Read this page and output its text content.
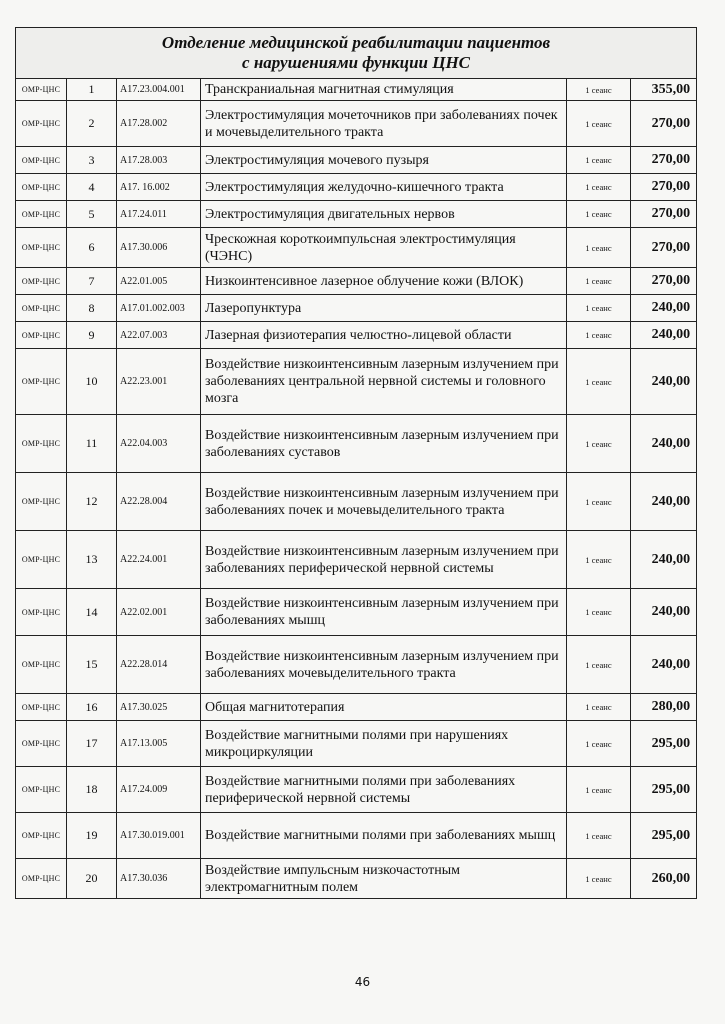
Отделение медицинской реабилитации пациентов
с нарушениями функции ЦНС					

ОМР-ЦНС	1	А17.23.004.001	Транскраниальная магнитная стимуляция	1 сеанс	355,00
ОМР-ЦНС	2	А17.28.002	Электростимуляция мочеточников при заболеваниях почек и мочевыделительного тракта	1 сеанс	270,00
ОМР-ЦНС	3	А17.28.003	Электростимуляция мочевого пузыря	1 сеанс	270,00
ОМР-ЦНС	4	А17. 16.002	Электростимуляция желудочно-кишечного тракта	1 сеанс	270,00
ОМР-ЦНС	5	А17.24.011	Электростимуляция двигательных нервов	1 сеанс	270,00
ОМР-ЦНС	6	А17.30.006	Чрескожная короткоимпульсная электростимуляция (ЧЭНС)	1 сеанс	270,00
ОМР-ЦНС	7	А22.01.005	Низкоинтенсивное лазерное облучение кожи (ВЛОК)	1 сеанс	270,00
ОМР-ЦНС	8	А17.01.002.003	Лазеропунктура	1 сеанс	240,00
ОМР-ЦНС	9	А22.07.003	Лазерная физиотерапия челюстно-лицевой области	1 сеанс	240,00
ОМР-ЦНС	10	А22.23.001	Воздействие низкоинтенсивным лазерным излучением при заболеваниях центральной нервной системы и головного мозга	1 сеанс	240,00
ОМР-ЦНС	11	А22.04.003	Воздействие низкоинтенсивным лазерным излучением при заболеваниях суставов	1 сеанс	240,00
ОМР-ЦНС	12	А22.28.004	Воздействие низкоинтенсивным лазерным излучением при заболеваниях почек и мочевыделительного тракта	1 сеанс	240,00
ОМР-ЦНС	13	А22.24.001	Воздействие низкоинтенсивным лазерным излучением при заболеваниях периферической нервной системы	1 сеанс	240,00
ОМР-ЦНС	14	А22.02.001	Воздействие низкоинтенсивным лазерным излучением при заболеваниях мышц	1 сеанс	240,00
ОМР-ЦНС	15	А22.28.014	Воздействие низкоинтенсивным лазерным излучением при заболеваниях мочевыделительного тракта	1 сеанс	240,00
ОМР-ЦНС	16	А17.30.025	Общая магнитотерапия	1 сеанс	280,00
ОМР-ЦНС	17	А17.13.005	Воздействие магнитными полями при нарушениях микроциркуляции	1 сеанс	295,00
ОМР-ЦНС	18	А17.24.009	Воздействие магнитными полями при заболеваниях периферической нервной системы	1 сеанс	295,00
ОМР-ЦНС	19	А17.30.019.001	Воздействие магнитными полями при заболеваниях мышц	1 сеанс	295,00
ОМР-ЦНС	20	А17.30.036	Воздействие импульсным низкочастотным электромагнитным полем	1 сеанс	260,00
46
